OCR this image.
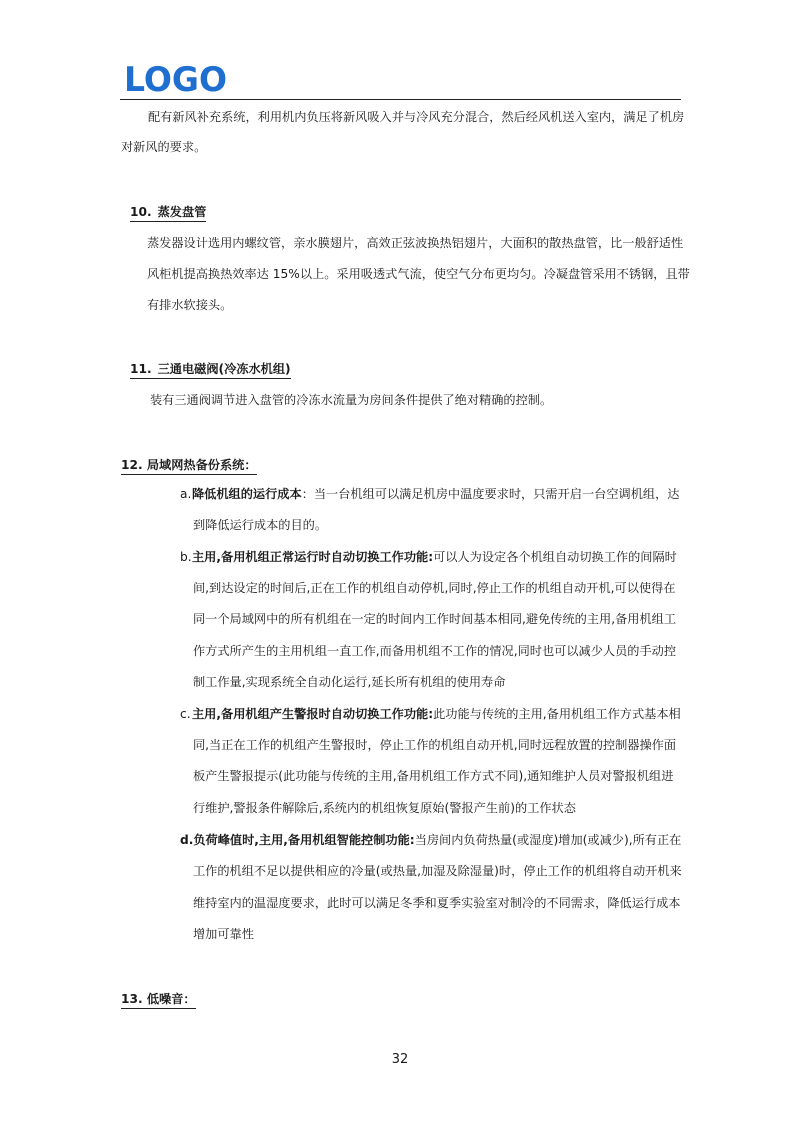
LOGO

配有新风补充系统，利用机内负压将新风吸入并与冷风充分混合，然后经风机送入室内，满足了机房

对新风的要求。

10. 蒸发盘管

蒸发器设计选用内螺纹管，亲水膜翅片，高效正弦波换热铝翅片，大面积的散热盘管，比一般舒适性

风柜机提高换热效率达 15%以上。采用吸透式气流，使空气分布更均匀。冷凝盘管采用不锈钢，且带

有排水软接头。

11. 三通电磁阀(冷冻水机组)

装有三通阀调节进入盘管的冷冻水流量为房间条件提供了绝对精确的控制。

12. 局域网热备份系统：
a.降低机组的运行成本：当一台机组可以满足机房中温度要求时，只需开启一台空调机组，达
到降低运行成本的目的。
b.主用,备用机组正常运行时自动切换工作功能:可以人为设定各个机组自动切换工作的间隔时
间,到达设定的时间后,正在工作的机组自动停机,同时,停止工作的机组自动开机,可以使得在
同一个局域网中的所有机组在一定的时间内工作时间基本相同,避免传统的主用,备用机组工
作方式所产生的主用机组一直工作,而备用机组不工作的情况,同时也可以减少人员的手动控
制工作量,实现系统全自动化运行,延长所有机组的使用寿命
c.主用,备用机组产生警报时自动切换工作功能:此功能与传统的主用,备用机组工作方式基本相
同,当正在工作的机组产生警报时，停止工作的机组自动开机,同时远程放置的控制器操作面
板产生警报提示(此功能与传统的主用,备用机组工作方式不同),通知维护人员对警报机组进
行维护,警报条件解除后,系统内的机组恢复原始(警报产生前)的工作状态
d.负荷峰值时,主用,备用机组智能控制功能:当房间内负荷热量(或湿度)增加(或减少),所有正在
工作的机组不足以提供相应的冷量(或热量,加湿及除湿量)时，停止工作的机组将自动开机来
维持室内的温湿度要求，此时可以满足冬季和夏季实验室对制冷的不同需求，降低运行成本
增加可靠性
13. 低噪音：
32
